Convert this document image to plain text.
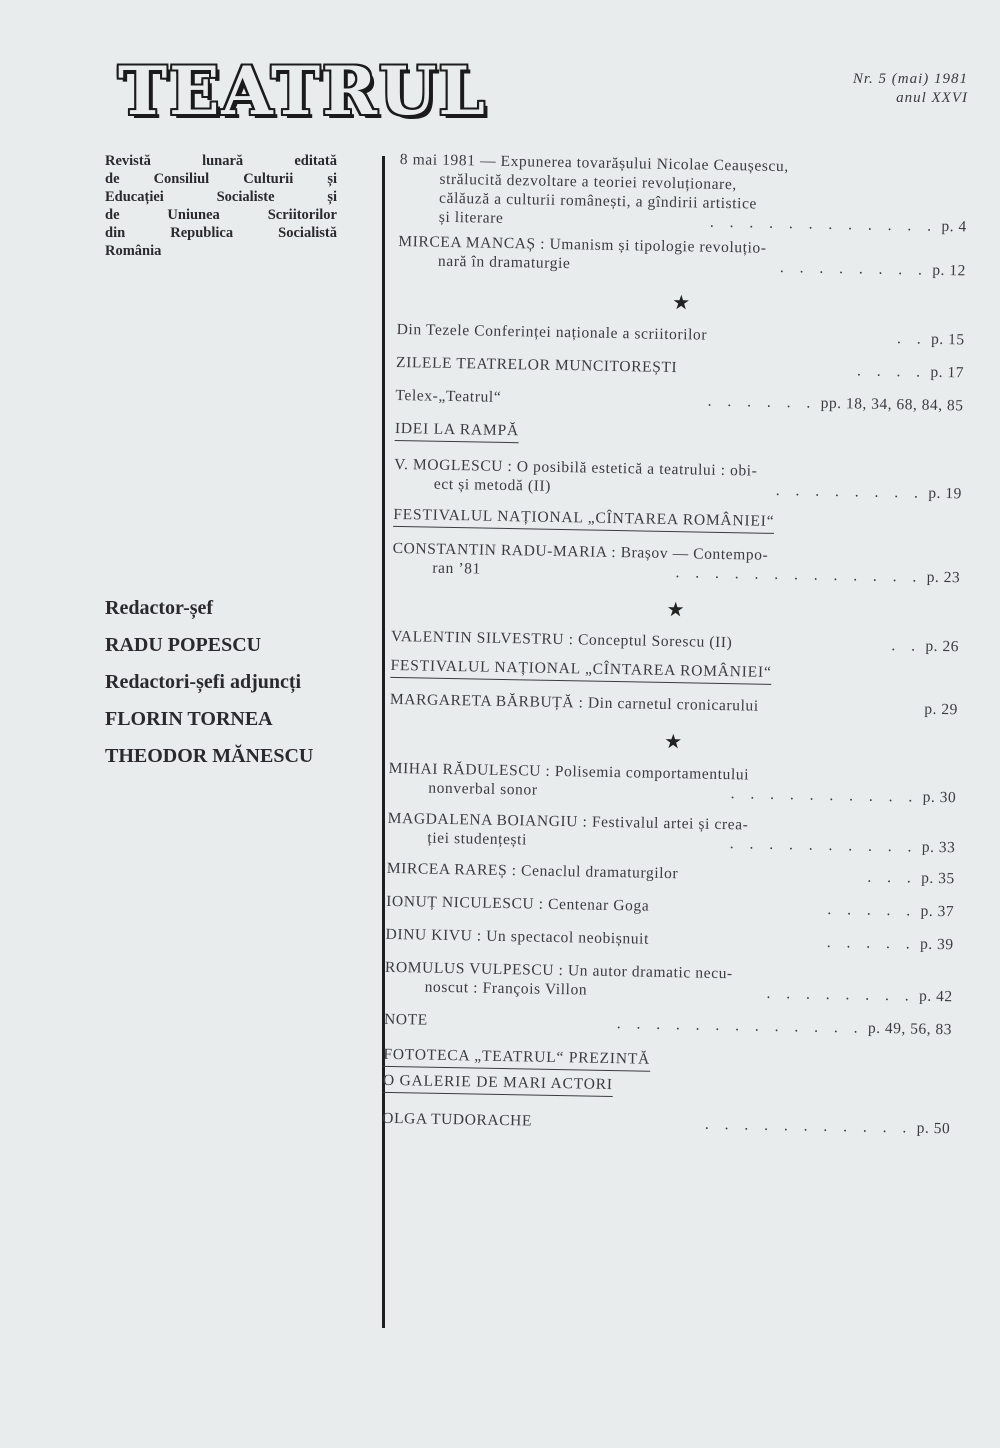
TEATRUL	Nr. 5 (mai) 1981
anul XXVI
Revistă lunară editată
de Consiliul Culturii și
Educației Socialiste și
de Uniunea Scriitorilor
din Republica Socialistă
România
Redactor-șef
RADU POPESCU
Redactori-șefi adjuncți
FLORIN TORNEA
THEODOR MĂNESCU
8 mai 1981 — Expunerea tovarășului Nicolae Ceaușescu,
strălucită dezvoltare a teoriei revoluționare,
călăuză a culturii românești, a gîndirii artistice
și literare	. . . . . . . . . . . . p. 4
MIRCEA MANCAȘ : Umanism și tipologie revoluțio-
nară în dramaturgie	. . . . . . . . p. 12
★
Din Tezele Conferinței naționale a scriitorilor	. . p. 15
ZILELE TEATRELOR MUNCITOREȘTI	. . . . p. 17
Telex-„Teatrul“	. . . . . . pp. 18, 34, 68, 84, 85
IDEI LA RAMPĂ
V. MOGLESCU : O posibilă estetică a teatrului : obi-
ect și metodă (II)	. . . . . . . . p. 19
FESTIVALUL NAȚIONAL „CÎNTAREA ROMÂNIEI“
CONSTANTIN RADU-MARIA : Brașov — Contempo-
ran ’81	. . . . . . . . . . . . . p. 23
★
VALENTIN SILVESTRU : Conceptul Sorescu (II)	. . p. 26
FESTIVALUL NAȚIONAL „CÎNTAREA ROMÂNIEI“
MARGARETA BĂRBUȚĂ : Din carnetul cronicarului	p. 29
★
MIHAI RĂDULESCU : Polisemia comportamentului
nonverbal sonor	. . . . . . . . . . p. 30
MAGDALENA BOIANGIU : Festivalul artei și crea-
ției studențești	. . . . . . . . . . p. 33
MIRCEA RAREȘ : Cenaclul dramaturgilor	. . . p. 35
IONUȚ NICULESCU : Centenar Goga	. . . . . p. 37
DINU KIVU : Un spectacol neobișnuit	. . . . . p. 39
ROMULUS VULPESCU : Un autor dramatic necu-
noscut : François Villon	. . . . . . . . p. 42
NOTE	. . . . . . . . . . . . . p. 49, 56, 83
FOTOTECA „TEATRUL“ PREZINTĂ
O GALERIE DE MARI ACTORI
OLGA TUDORACHE	. . . . . . . . . . . p. 50
